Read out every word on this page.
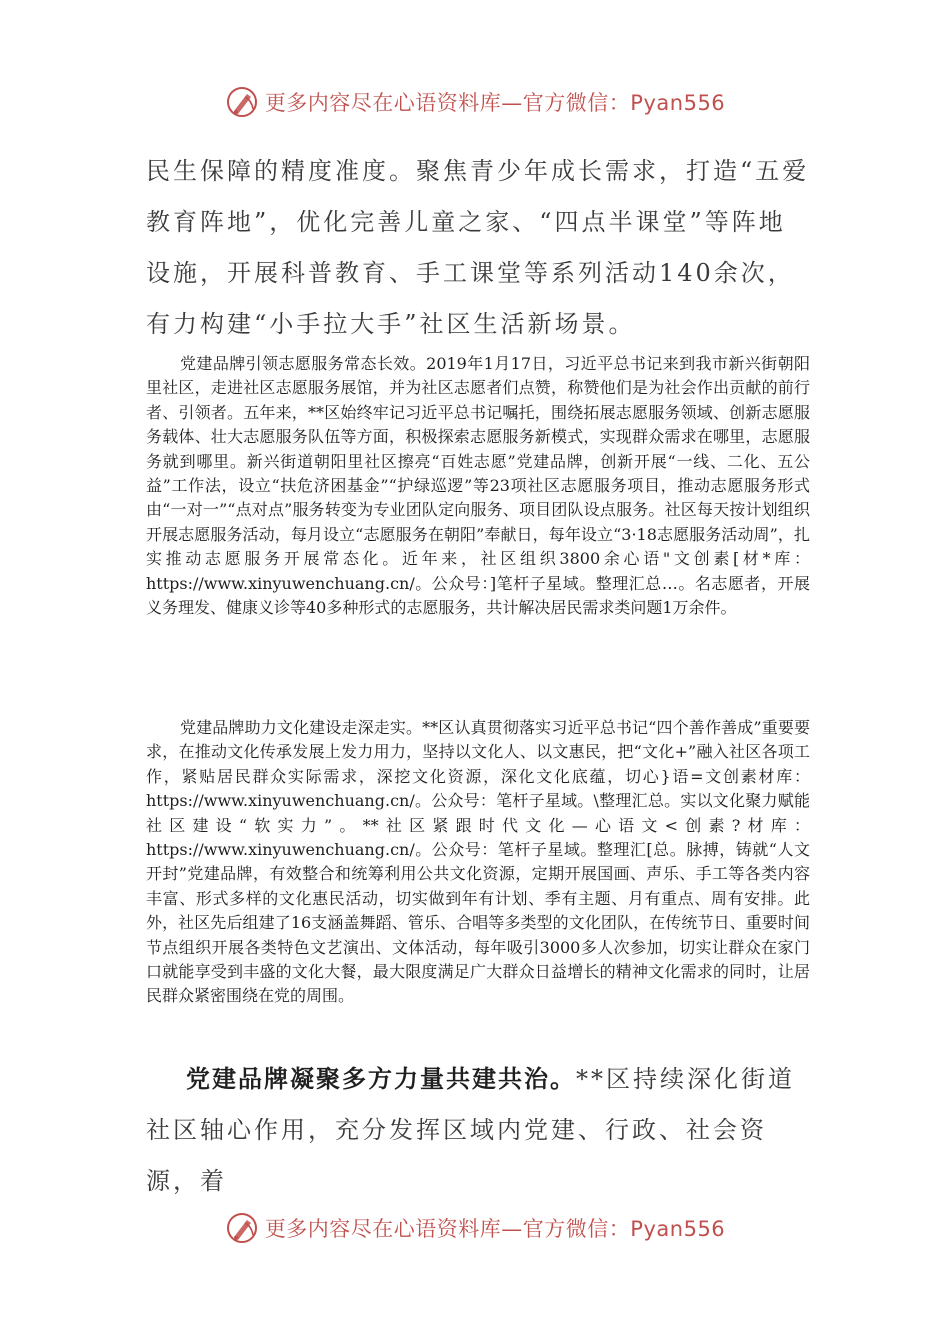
更多内容尽在心语资料库—官方微信：Pyan556

民生保障的精度准度。聚焦青少年成长需求，打造“五爱教育阵地”，优化完善儿童之家、“四点半课堂”等阵地设施，开展科普教育、手工课堂等系列活动140余次，有力构建“小手拉大手”社区生活新场景。

党建品牌引领志愿服务常态长效。2019年1月17日，习近平总书记来到我市新兴街朝阳里社区，走进社区志愿服务展馆，并为社区志愿者们点赞，称赞他们是为社会作出贡献的前行者、引领者。五年来，**区始终牢记习近平总书记嘱托，围绕拓展志愿服务领域、创新志愿服务载体、壮大志愿服务队伍等方面，积极探索志愿服务新模式，实现群众需求在哪里，志愿服务就到哪里。新兴街道朝阳里社区擦亮“百姓志愿”党建品牌，创新开展“一线、二化、五公益”工作法，设立“扶危济困基金”“护绿巡逻”等23项社区志愿服务项目，推动志愿服务形式由“一对一”“点对点”服务转变为专业团队定向服务、项目团队设点服务。社区每天按计划组织开展志愿服务活动，每月设立“志愿服务在朝阳”奉献日，每年设立“3·18志愿服务活动周”，扎实推动志愿服务开展常态化。近年来，社区组织3800余心语"文创素[材*库：https://www.xinyuwenchuang.cn/。公众号：]笔杆子星域。整理汇总…。名志愿者，开展义务理发、健康义诊等40多种形式的志愿服务，共计解决居民需求类问题1万余件。

党建品牌助力文化建设走深走实。**区认真贯彻落实习近平总书记“四个善作善成”重要要求，在推动文化传承发展上发力用力，坚持以文化人、以文惠民，把“文化+”融入社区各项工作，紧贴居民群众实际需求，深挖文化资源，深化文化底蕴，切心}语=文创素材库：https://www.xinyuwenchuang.cn/。公众号：笔杆子星域。\整理汇总。实以文化聚力赋能社区建设“软实力”。**社区紧跟时代文化—心语文<创素?材库：https://www.xinyuwenchuang.cn/。公众号：笔杆子星域。整理汇[总。脉搏，铸就“人文开封”党建品牌，有效整合和统筹利用公共文化资源，定期开展国画、声乐、手工等各类内容丰富、形式多样的文化惠民活动，切实做到年有计划、季有主题、月有重点、周有安排。此外，社区先后组建了16支涵盖舞蹈、管乐、合唱等多类型的文化团队，在传统节日、重要时间节点组织开展各类特色文艺演出、文体活动，每年吸引3000多人次参加，切实让群众在家门口就能享受到丰盛的文化大餐，最大限度满足广大群众日益增长的精神文化需求的同时，让居民群众紧密围绕在党的周围。

党建品牌凝聚多方力量共建共治。**区持续深化街道社区轴心作用，充分发挥区域内党建、行政、社会资源，着

更多内容尽在心语资料库—官方微信：Pyan556
